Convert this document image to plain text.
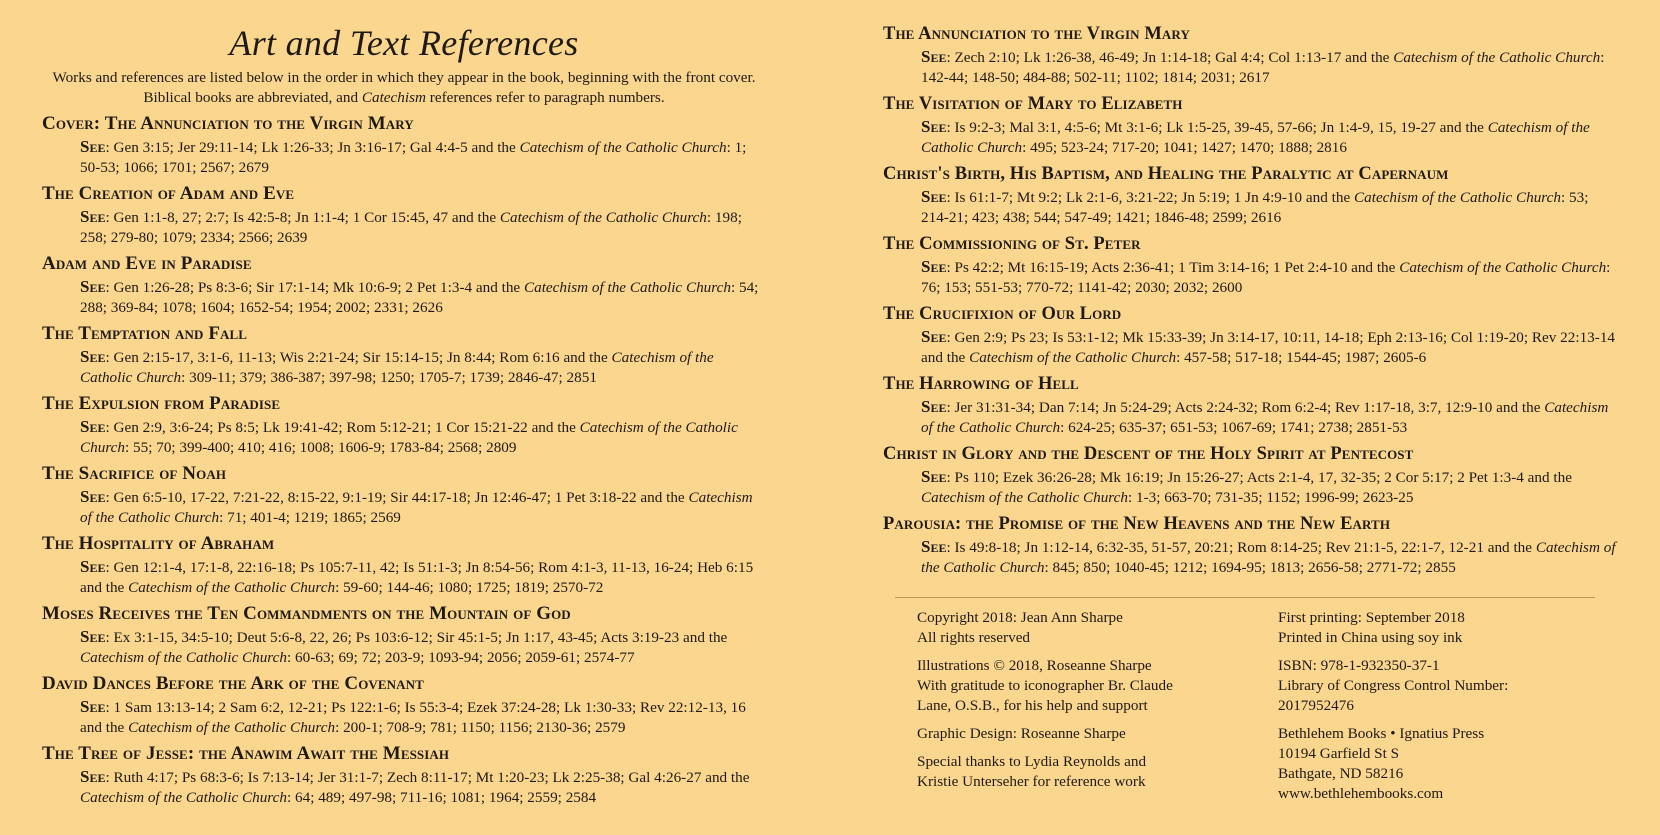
Art and Text References

Works and references are listed below in the order in which they appear in the book, beginning with the front cover. Biblical books are abbreviated, and Catechism references refer to paragraph numbers.

Cover: The Annunciation to the Virgin Mary
See: Gen 3:15; Jer 29:11-14; Lk 1:26-33; Jn 3:16-17; Gal 4:4-5 and the Catechism of the Catholic Church: 1; 50-53; 1066; 1701; 2567; 2679
The Creation of Adam and Eve
See: Gen 1:1-8, 27; 2:7; Is 42:5-8; Jn 1:1-4; 1 Cor 15:45, 47 and the Catechism of the Catholic Church: 198; 258; 279-80; 1079; 2334; 2566; 2639
Adam and Eve in Paradise
See: Gen 1:26-28; Ps 8:3-6; Sir 17:1-14; Mk 10:6-9; 2 Pet 1:3-4 and the Catechism of the Catholic Church: 54; 288; 369-84; 1078; 1604; 1652-54; 1954; 2002; 2331; 2626
The Temptation and Fall
See: Gen 2:15-17, 3:1-6, 11-13; Wis 2:21-24; Sir 15:14-15; Jn 8:44; Rom 6:16 and the Catechism of the Catholic Church: 309-11; 379; 386-387; 397-98; 1250; 1705-7; 1739; 2846-47; 2851
The Expulsion from Paradise
See: Gen 2:9, 3:6-24; Ps 8:5; Lk 19:41-42; Rom 5:12-21; 1 Cor 15:21-22 and the Catechism of the Catholic Church: 55; 70; 399-400; 410; 416; 1008; 1606-9; 1783-84; 2568; 2809
The Sacrifice of Noah
See: Gen 6:5-10, 17-22, 7:21-22, 8:15-22, 9:1-19; Sir 44:17-18; Jn 12:46-47; 1 Pet 3:18-22 and the Catechism of the Catholic Church: 71; 401-4; 1219; 1865; 2569
The Hospitality of Abraham
See: Gen 12:1-4, 17:1-8, 22:16-18; Ps 105:7-11, 42; Is 51:1-3; Jn 8:54-56; Rom 4:1-3, 11-13, 16-24; Heb 6:15 and the Catechism of the Catholic Church: 59-60; 144-46; 1080; 1725; 1819; 2570-72
Moses Receives the Ten Commandments on the Mountain of God
See: Ex 3:1-15, 34:5-10; Deut 5:6-8, 22, 26; Ps 103:6-12; Sir 45:1-5; Jn 1:17, 43-45; Acts 3:19-23 and the Catechism of the Catholic Church: 60-63; 69; 72; 203-9; 1093-94; 2056; 2059-61; 2574-77
David Dances Before the Ark of the Covenant
See: 1 Sam 13:13-14; 2 Sam 6:2, 12-21; Ps 122:1-6; Is 55:3-4; Ezek 37:24-28; Lk 1:30-33; Rev 22:12-13, 16 and the Catechism of the Catholic Church: 200-1; 708-9; 781; 1150; 1156; 2130-36; 2579
The Tree of Jesse: the Anawim Await the Messiah
See: Ruth 4:17; Ps 68:3-6; Is 7:13-14; Jer 31:1-7; Zech 8:11-17; Mt 1:20-23; Lk 2:25-38; Gal 4:26-27 and the Catechism of the Catholic Church: 64; 489; 497-98; 711-16; 1081; 1964; 2559; 2584
The Annunciation to the Virgin Mary
See: Zech 2:10; Lk 1:26-38, 46-49; Jn 1:14-18; Gal 4:4; Col 1:13-17 and the Catechism of the Catholic Church: 142-44; 148-50; 484-88; 502-11; 1102; 1814; 2031; 2617
The Visitation of Mary to Elizabeth
See: Is 9:2-3; Mal 3:1, 4:5-6; Mt 3:1-6; Lk 1:5-25, 39-45, 57-66; Jn 1:4-9, 15, 19-27 and the Catechism of the Catholic Church: 495; 523-24; 717-20; 1041; 1427; 1470; 1888; 2816
Christ's Birth, His Baptism, and Healing the Paralytic at Capernaum
See: Is 61:1-7; Mt 9:2; Lk 2:1-6, 3:21-22; Jn 5:19; 1 Jn 4:9-10 and the Catechism of the Catholic Church: 53; 214-21; 423; 438; 544; 547-49; 1421; 1846-48; 2599; 2616
The Commissioning of St. Peter
See: Ps 42:2; Mt 16:15-19; Acts 2:36-41; 1 Tim 3:14-16; 1 Pet 2:4-10 and the Catechism of the Catholic Church: 76; 153; 551-53; 770-72; 1141-42; 2030; 2032; 2600
The Crucifixion of Our Lord
See: Gen 2:9; Ps 23; Is 53:1-12; Mk 15:33-39; Jn 3:14-17, 10:11, 14-18; Eph 2:13-16; Col 1:19-20; Rev 22:13-14 and the Catechism of the Catholic Church: 457-58; 517-18; 1544-45; 1987; 2605-6
The Harrowing of Hell
See: Jer 31:31-34; Dan 7:14; Jn 5:24-29; Acts 2:24-32; Rom 6:2-4; Rev 1:17-18, 3:7, 12:9-10 and the Catechism of the Catholic Church: 624-25; 635-37; 651-53; 1067-69; 1741; 2738; 2851-53
Christ in Glory and the Descent of the Holy Spirit at Pentecost
See: Ps 110; Ezek 36:26-28; Mk 16:19; Jn 15:26-27; Acts 2:1-4, 17, 32-35; 2 Cor 5:17; 2 Pet 1:3-4 and the Catechism of the Catholic Church: 1-3; 663-70; 731-35; 1152; 1996-99; 2623-25
Parousia: the Promise of the New Heavens and the New Earth
See: Is 49:8-18; Jn 1:12-14, 6:32-35, 51-57, 20:21; Rom 8:14-25; Rev 21:1-5, 22:1-7, 12-21 and the Catechism of the Catholic Church: 845; 850; 1040-45; 1212; 1694-95; 1813; 2656-58; 2771-72; 2855

Copyright 2018: Jean Ann Sharpe
All rights reserved

Illustrations © 2018, Roseanne Sharpe
With gratitude to iconographer Br. Claude
Lane, O.S.B., for his help and support

Graphic Design: Roseanne Sharpe

Special thanks to Lydia Reynolds and
Kristie Unterseher for reference work

First printing: September 2018
Printed in China using soy ink

ISBN: 978-1-932350-37-1
Library of Congress Control Number:
2017952476

Bethlehem Books • Ignatius Press
10194 Garfield St S
Bathgate, ND 58216
www.bethlehembooks.com
